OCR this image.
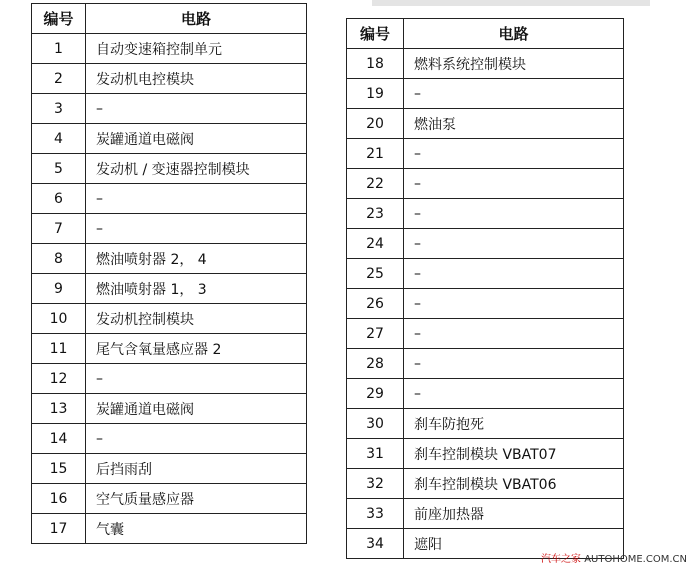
编号	电路
1	自动变速箱控制单元
2	发动机电控模块
3	–
4	炭罐通道电磁阀
5	发动机 / 变速器控制模块
6	–
7	–
8	燃油喷射器 2， 4
9	燃油喷射器 1， 3
10	发动机控制模块
11	尾气含氧量感应器 2
12	–
13	炭罐通道电磁阀
14	–
15	后挡雨刮
16	空气质量感应器
17	气囊
编号	电路
18	燃料系统控制模块
19	–
20	燃油泵
21	–
22	–
23	–
24	–
25	–
26	–
27	–
28	–
29	–
30	刹车防抱死
31	刹车控制模块 VBAT07
32	刹车控制模块 VBAT06
33	前座加热器
34	遮阳
汽车之家 AUTOHOME.COM.CN
